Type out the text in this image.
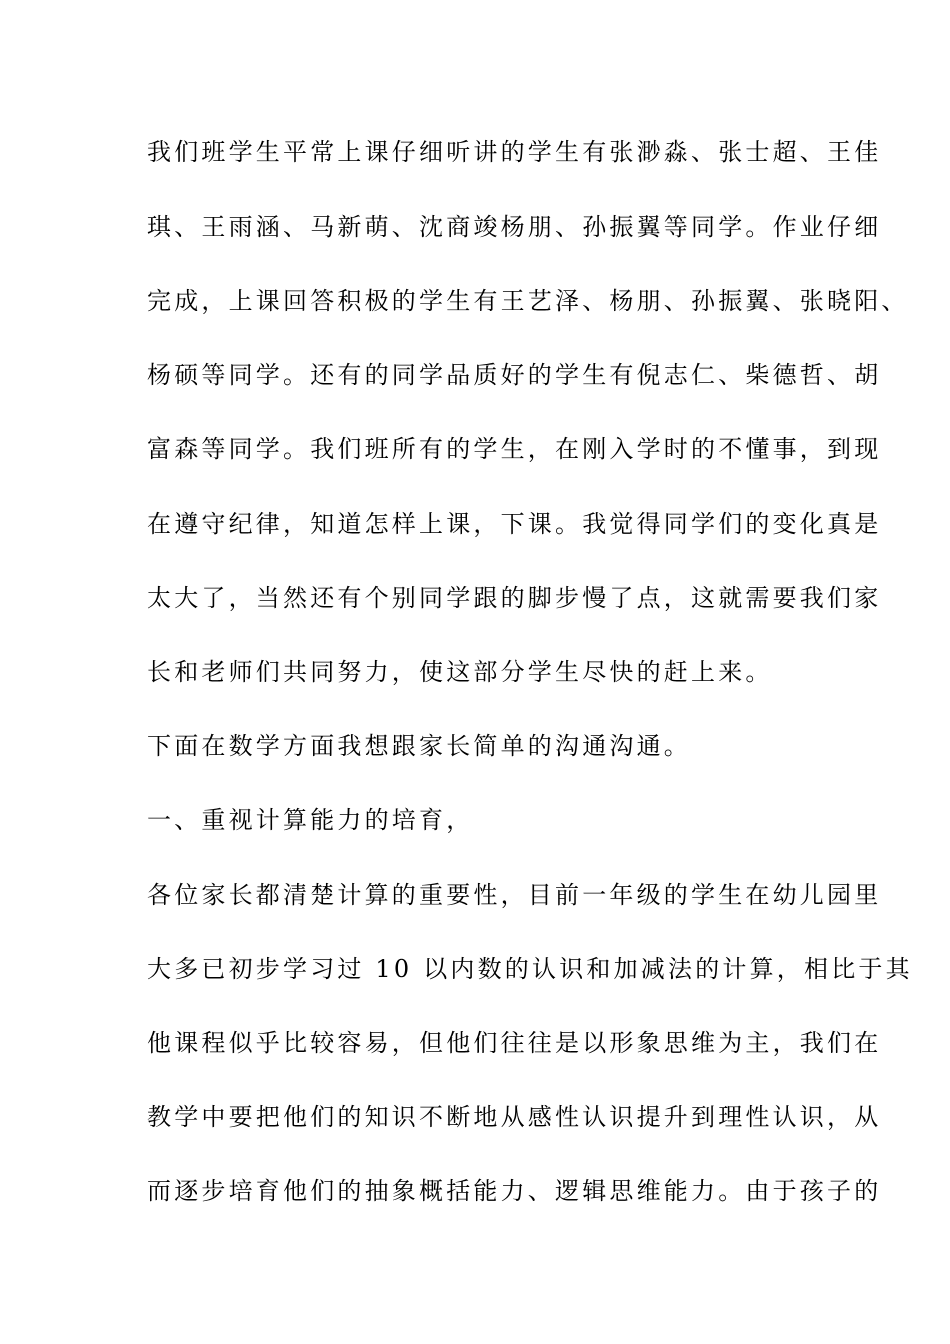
我们班学生平常上课仔细听讲的学生有张渺淼、张士超、王佳
琪、王雨涵、马新萌、沈商竣杨朋、孙振翼等同学。作业仔细
完成，上课回答积极的学生有王艺泽、杨朋、孙振翼、张晓阳、
杨硕等同学。还有的同学品质好的学生有倪志仁、柴德哲、胡
富森等同学。我们班所有的学生，在刚入学时的不懂事，到现
在遵守纪律，知道怎样上课，下课。我觉得同学们的变化真是
太大了，当然还有个别同学跟的脚步慢了点，这就需要我们家
长和老师们共同努力，使这部分学生尽快的赶上来。
下面在数学方面我想跟家长简单的沟通沟通。
一、重视计算能力的培育，
各位家长都清楚计算的重要性，目前一年级的学生在幼儿园里
大多已初步学习过 10 以内数的认识和加减法的计算，相比于其
他课程似乎比较容易，但他们往往是以形象思维为主，我们在
教学中要把他们的知识不断地从感性认识提升到理性认识，从
而逐步培育他们的抽象概括能力、逻辑思维能力。由于孩子的
